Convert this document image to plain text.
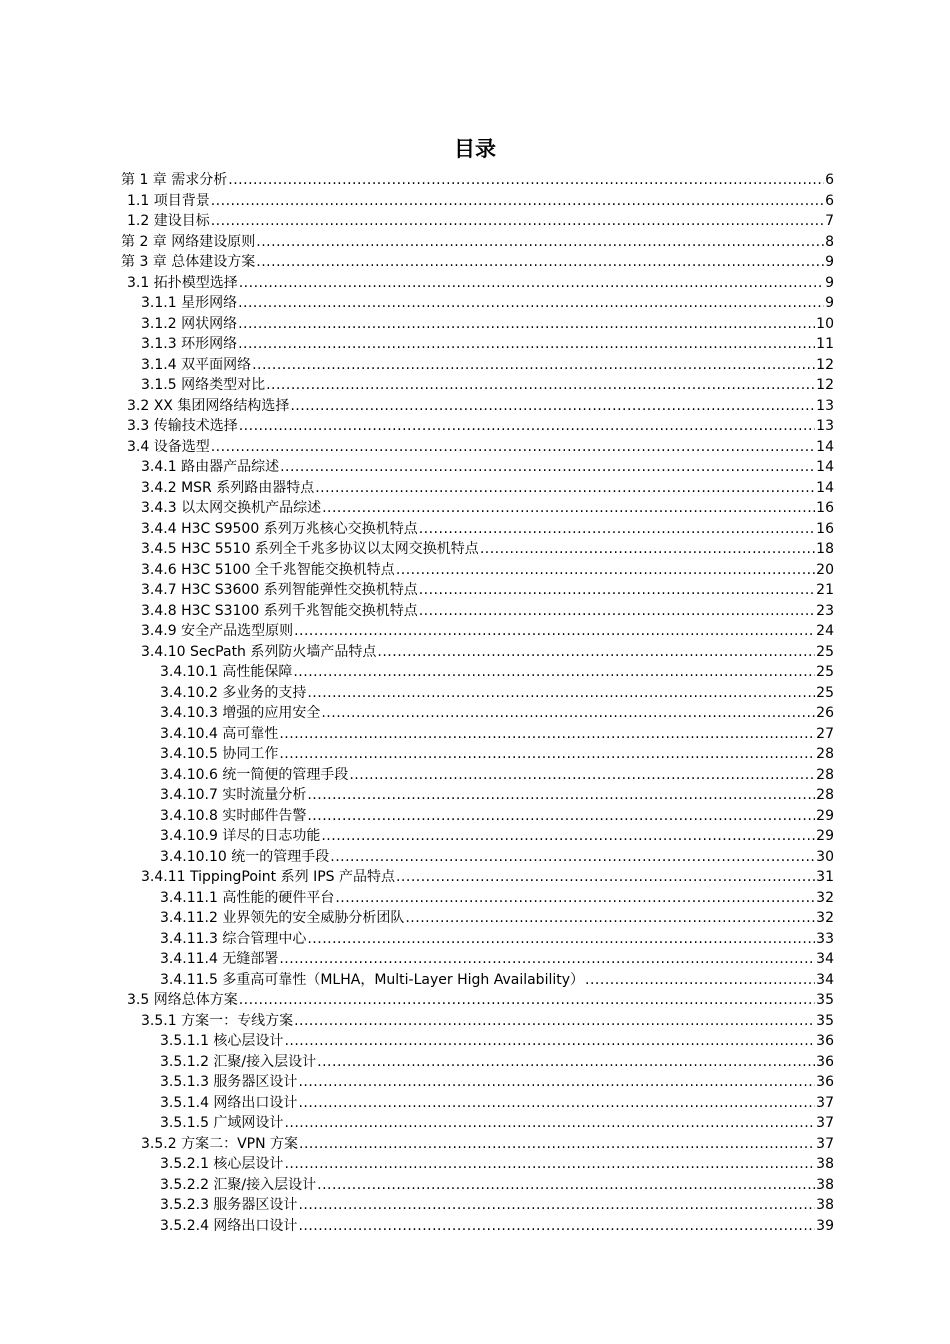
目录
第 1 章 需求分析 .....	6
1.1 项目背景 .....	6
1.2 建设目标 .....	7
第 2 章 网络建设原则 .....	8
第 3 章 总体建设方案 .....	9
3.1 拓扑模型选择 .....	9
3.1.1 星形网络 .....	9
3.1.2 网状网络 .....	10
3.1.3 环形网络 .....	11
3.1.4 双平面网络 .....	12
3.1.5 网络类型对比 .....	12
3.2 XX 集团网络结构选择 .....	13
3.3 传输技术选择 .....	13
3.4 设备选型 .....	14
3.4.1 路由器产品综述 .....	14
3.4.2 MSR 系列路由器特点 .....	14
3.4.3 以太网交换机产品综述 .....	16
3.4.4 H3C S9500 系列万兆核心交换机特点 .....	16
3.4.5 H3C 5510 系列全千兆多协议以太网交换机特点 .....	18
3.4.6 H3C 5100 全千兆智能交换机特点 .....	20
3.4.7 H3C S3600 系列智能弹性交换机特点 .....	21
3.4.8 H3C S3100 系列千兆智能交换机特点 .....	23
3.4.9 安全产品选型原则 .....	24
3.4.10 SecPath 系列防火墙产品特点 .....	25
3.4.10.1 高性能保障 .....	25
3.4.10.2 多业务的支持 .....	25
3.4.10.3 增强的应用安全 .....	26
3.4.10.4 高可靠性 .....	27
3.4.10.5 协同工作 .....	28
3.4.10.6 统一简便的管理手段 .....	28
3.4.10.7 实时流量分析 .....	28
3.4.10.8 实时邮件告警 .....	29
3.4.10.9 详尽的日志功能 .....	29
3.4.10.10 统一的管理手段 .....	30
3.4.11 TippingPoint 系列 IPS 产品特点 .....	31
3.4.11.1 高性能的硬件平台 .....	32
3.4.11.2 业界领先的安全威胁分析团队 .....	32
3.4.11.3 综合管理中心 .....	33
3.4.11.4 无缝部署 .....	34
3.4.11.5 多重高可靠性（MLHA，Multi-Layer High Availability） .....	34
3.5 网络总体方案 .....	35
3.5.1 方案一：专线方案 .....	35
3.5.1.1 核心层设计 .....	36
3.5.1.2 汇聚/接入层设计 .....	36
3.5.1.3 服务器区设计 .....	36
3.5.1.4 网络出口设计 .....	37
3.5.1.5 广域网设计 .....	37
3.5.2 方案二：VPN 方案 .....	37
3.5.2.1 核心层设计 .....	38
3.5.2.2 汇聚/接入层设计 .....	38
3.5.2.3 服务器区设计 .....	38
3.5.2.4 网络出口设计 .....	39
